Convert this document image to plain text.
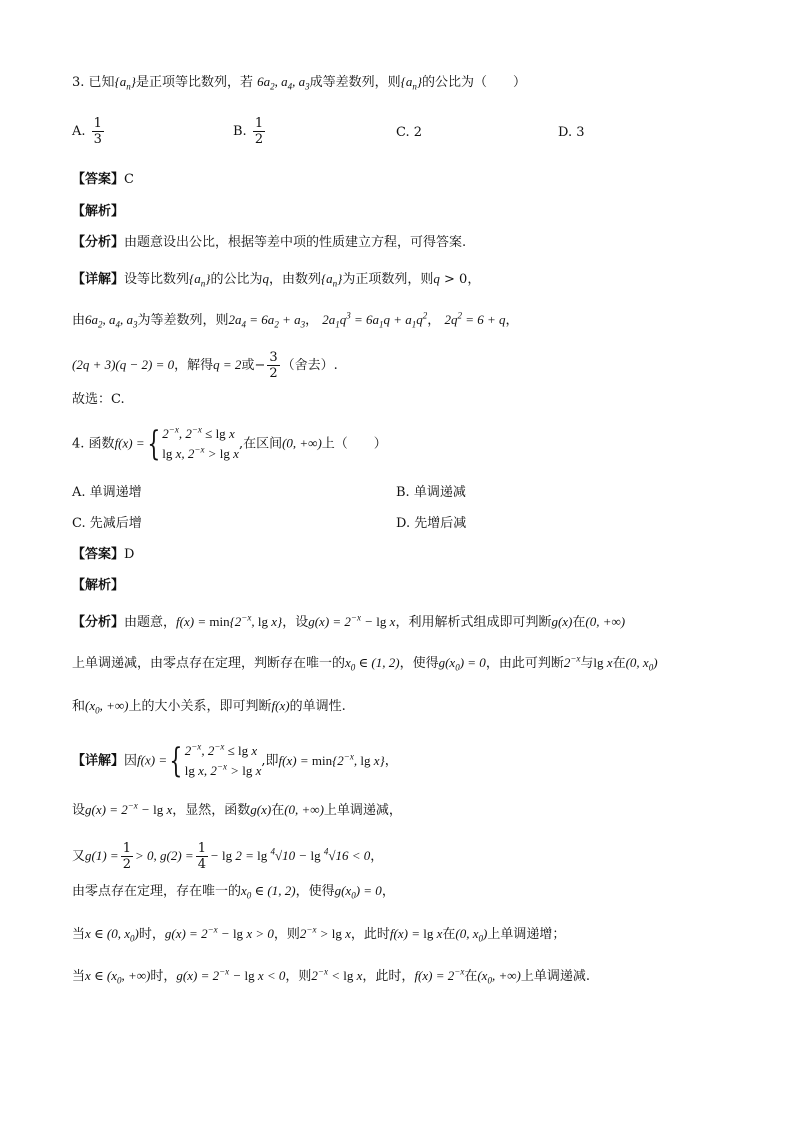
3. 已知$\{a_n\}$是正项等比数列，若 $6a_2$, $a_4$, $a_3$成等差数列，则$\{a_n\}$的公比为（　　）
A. $\frac{1}{3}$	B. $\frac{1}{2}$	C. 2	D. 3
【答案】C
【解析】
【分析】由题意设出公比，根据等差中项的性质建立方程，可得答案.
【详解】设等比数列$\{a_n\}$的公比为q，由数列$\{a_n\}$为正项数列，则q > 0，
由$6a_2$, $a_4$, $a_3$为等差数列，则$2a_4 = 6a_2 + a_3$， $2a_1q^3 = 6a_1q + a_1q^2$， $2q^2 = 6 + q$，
(2q + 3)(q − 2) = 0，解得q = 2或− $\frac{3}{2}$ （舍去）.
故选：C.
4. 函数f(x) ={ $2^{-x}$, $2^{-x} \le \lg x$
lg x, $2^{-x} > \lg x$
,在区间(0, +∞)上（　　）
A. 单调递增	B. 单调递减
C. 先减后增	D. 先增后减
【答案】D
【解析】
【分析】由题意，$f(x) = \min\{2^{-x}$, lg x}，设$g(x) = 2^{-x} - \lg x$，利用解析式组成即可判断g(x)在(0, +∞)
上单调递减，由零点存在定理，判断存在唯一的$x_0$ ∈ (1, 2)，使得$g(x_0) = 0$，由此可判断$2^{-x}$与lg x在(0, $x_0$)
和($x_0$, +∞)上的大小关系，即可判断f(x)的单调性.
【详解】因f(x) ={ $2^{-x}$, $2^{-x} \le \lg x$
lg x, $2^{-x} > \lg x$
,即$f(x) = \min\{2^{-x}$, lg x}，
设$g(x) = 2^{-x} - \lg x$，显然，函数g(x)在(0, +∞)上单调递减，
又$g(1) = \frac{1}{2} > 0$, $g(2) = \frac{1}{4} - \lg 2 = \lg ^4√10 - \lg ^4√16 < 0$，
由零点存在定理，存在唯一的$x_0$ ∈ (1, 2)，使得$g(x_0) = 0$，
当x ∈ (0, $x_0$)时，$g(x) = 2^{-x} - \lg x > 0$，则$2^{-x} > \lg x$，此时f(x) = lg x在(0, $x_0$)上单调递增；
当x ∈ ($x_0$, +∞)时，$g(x) = 2^{-x} - \lg x < 0$，则$2^{-x} < \lg x$，此时，$f(x) = 2^{-x}$在($x_0$, +∞)上单调递减.
